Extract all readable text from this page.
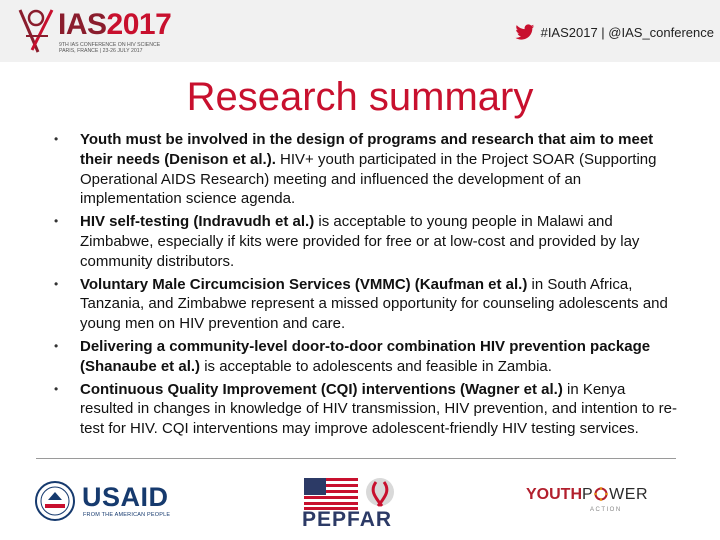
IAS2017
9TH IAS CONFERENCE ON HIV SCIENCE
PARIS, FRANCE | 23-26 JULY 2017
#IAS2017 | @IAS_conference
Research summary
• Youth must be involved in the design of programs and research that aim to meet their needs (Denison et al.). HIV+ youth participated in the Project SOAR (Supporting Operational AIDS Research) meeting and influenced the development of an implementation science agenda.
• HIV self-testing (Indravudh et al.) is acceptable to young people in Malawi and Zimbabwe, especially if kits were provided for free or at low-cost and provided by lay community distributors.
• Voluntary Male Circumcision Services (VMMC) (Kaufman et al.) in South Africa, Tanzania, and Zimbabwe represent a missed opportunity for counseling adolescents and young men on HIV prevention and care.
• Delivering a community-level door-to-door combination HIV prevention package (Shanaube et al.) is acceptable to adolescents and feasible in Zambia.
• Continuous Quality Improvement (CQI) interventions (Wagner et al.) in Kenya resulted in changes in knowledge of HIV transmission, HIV prevention, and intention to re-test for HIV. CQI interventions may improve adolescent-friendly HIV testing services.
USAID
FROM THE AMERICAN PEOPLE	PEPFAR
YOUTHP WER
ACTION
